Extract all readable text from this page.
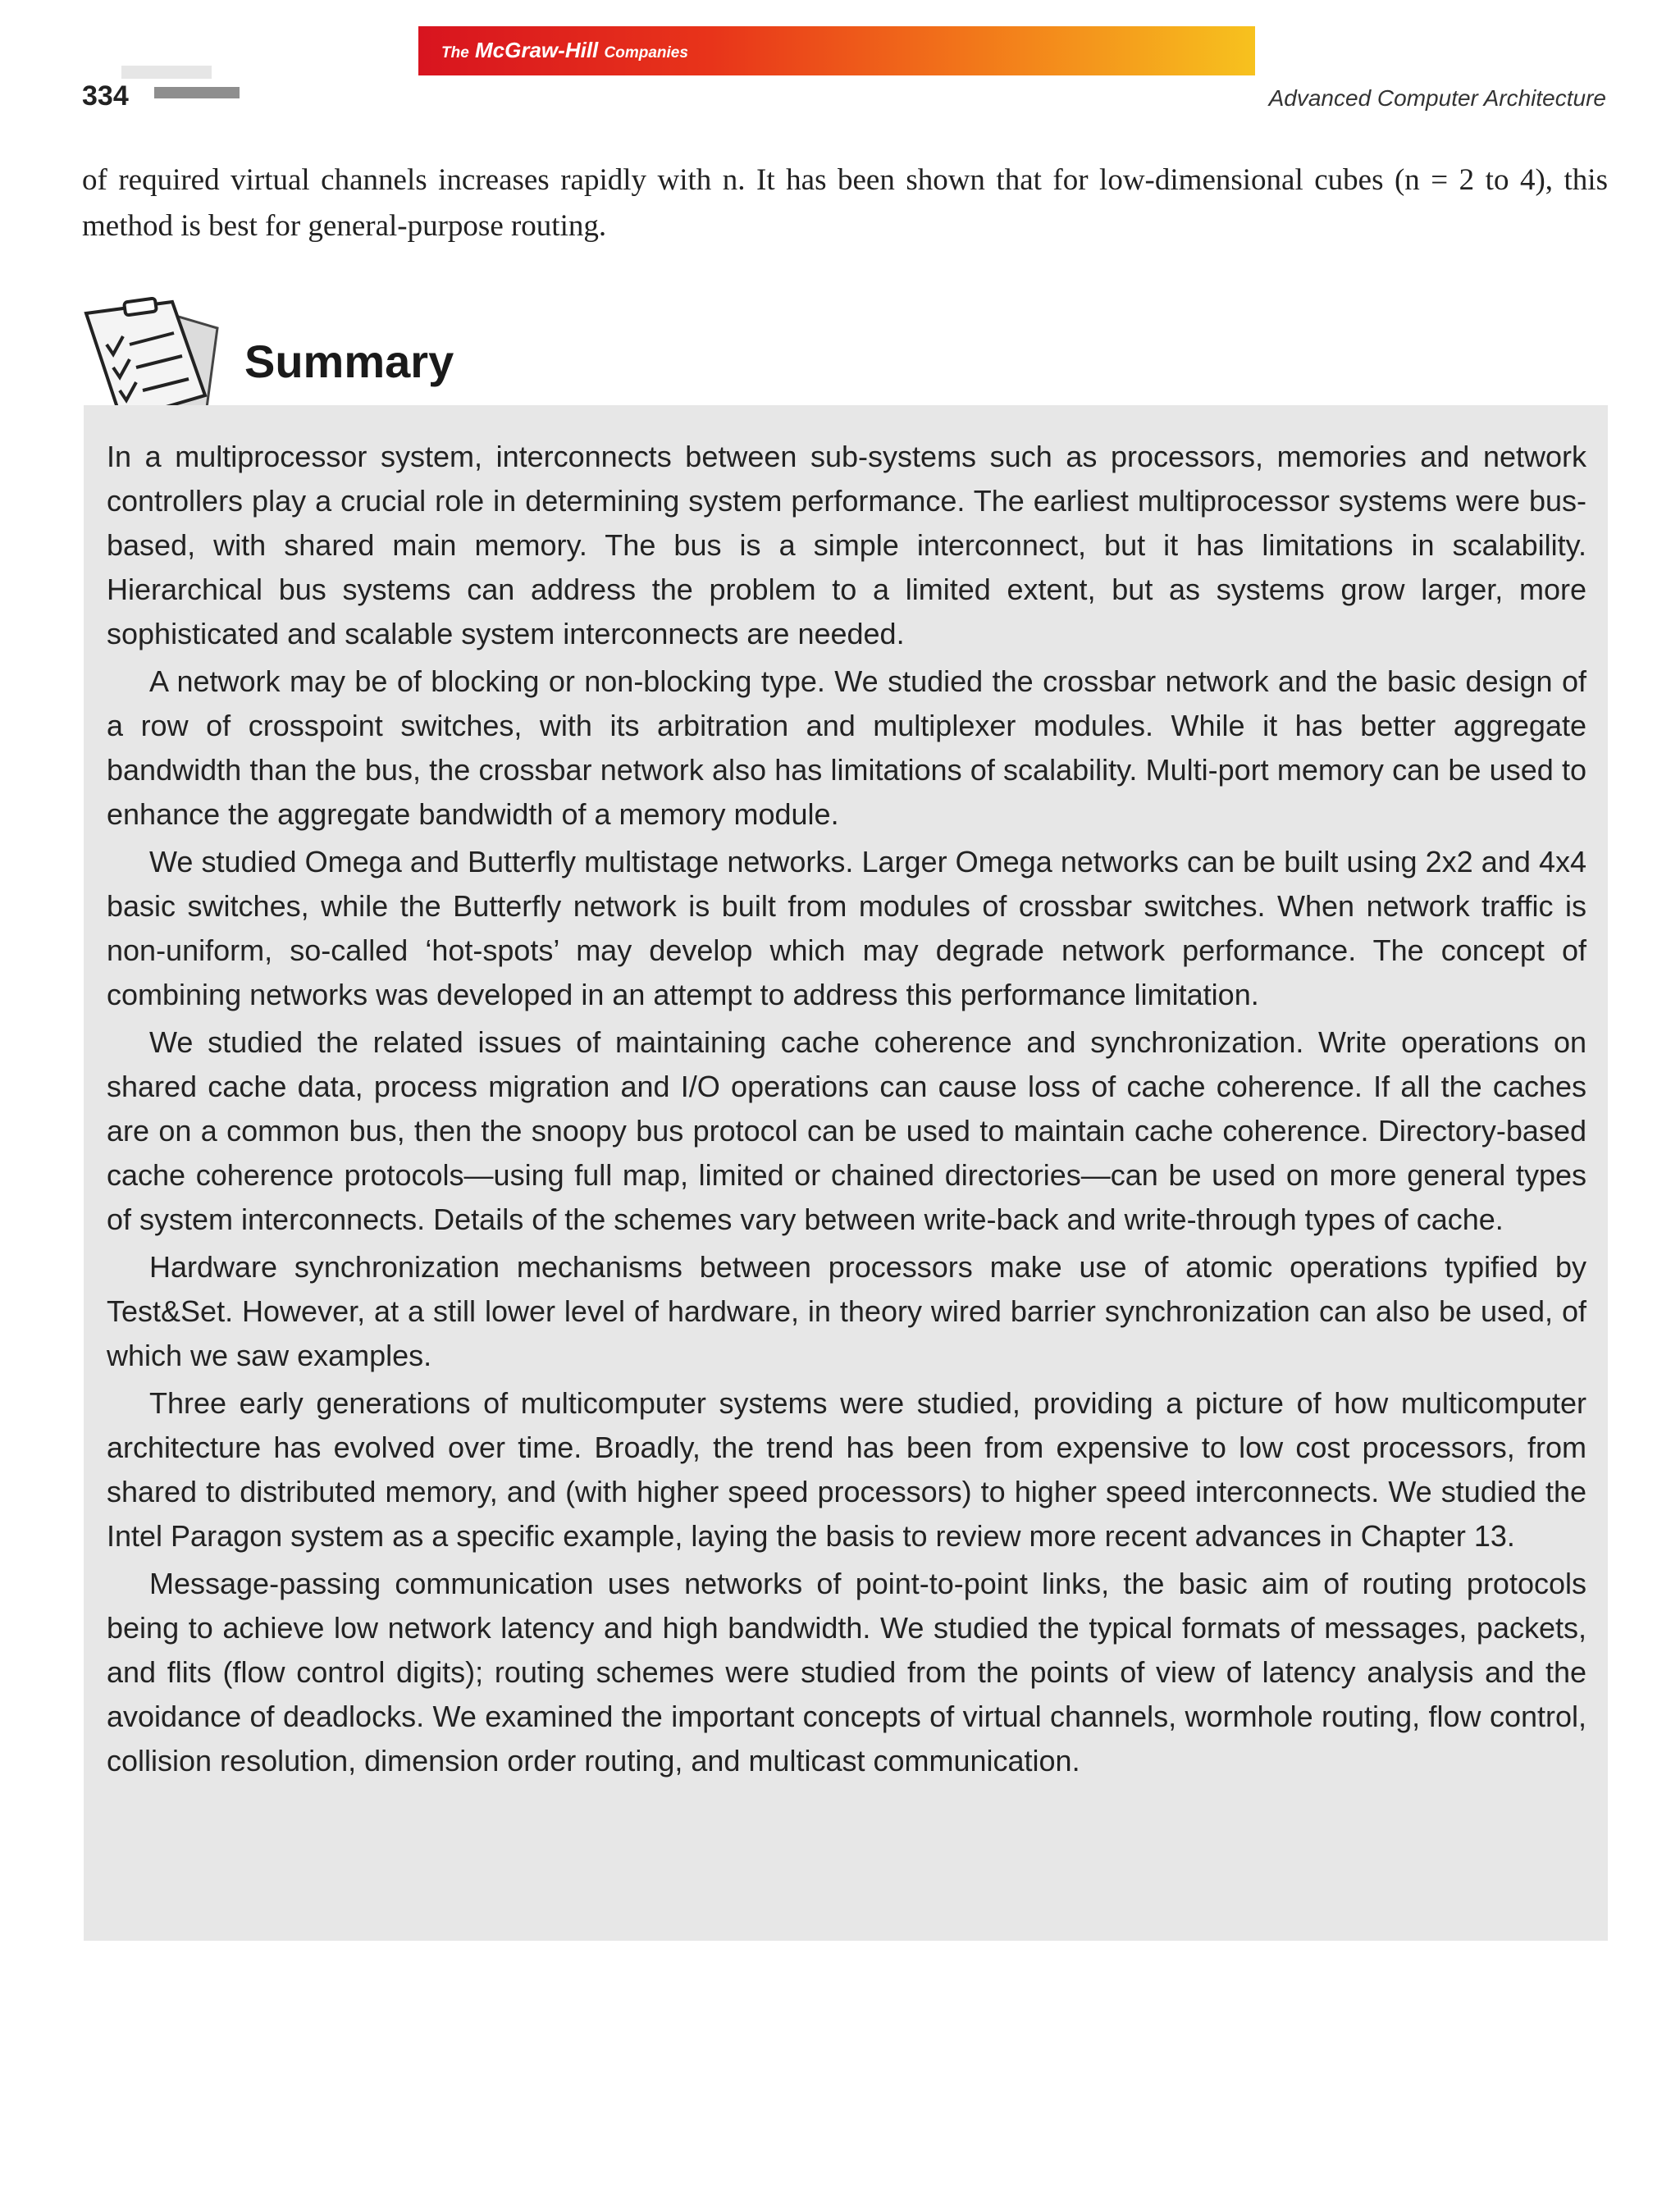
The McGraw-Hill Companies
334	Advanced Computer Architecture
of required virtual channels increases rapidly with n. It has been shown that for low-dimensional cubes (n = 2 to 4), this method is best for general-purpose routing.
Summary

In a multiprocessor system, interconnects between sub-systems such as processors, memories and network controllers play a crucial role in determining system performance. The earliest multiprocessor systems were bus-based, with shared main memory. The bus is a simple interconnect, but it has limitations in scalability. Hierarchical bus systems can address the problem to a limited extent, but as systems grow larger, more sophisticated and scalable system interconnects are needed.

A network may be of blocking or non-blocking type. We studied the crossbar network and the basic design of a row of crosspoint switches, with its arbitration and multiplexer modules. While it has better aggregate bandwidth than the bus, the crossbar network also has limitations of scalability. Multi-port memory can be used to enhance the aggregate bandwidth of a memory module.

We studied Omega and Butterfly multistage networks. Larger Omega networks can be built using 2x2 and 4x4 basic switches, while the Butterfly network is built from modules of crossbar switches. When network traffic is non-uniform, so-called ‘hot-spots’ may develop which may degrade network performance. The concept of combining networks was developed in an attempt to address this performance limitation.

We studied the related issues of maintaining cache coherence and synchronization. Write operations on shared cache data, process migration and I/O operations can cause loss of cache coherence. If all the caches are on a common bus, then the snoopy bus protocol can be used to maintain cache coherence. Directory-based cache coherence protocols—using full map, limited or chained directories—can be used on more general types of system interconnects. Details of the schemes vary between write-back and write-through types of cache.

Hardware synchronization mechanisms between processors make use of atomic operations typified by Test&Set. However, at a still lower level of hardware, in theory wired barrier synchronization can also be used, of which we saw examples.

Three early generations of multicomputer systems were studied, providing a picture of how multicomputer architecture has evolved over time. Broadly, the trend has been from expensive to low cost processors, from shared to distributed memory, and (with higher speed processors) to higher speed interconnects. We studied the Intel Paragon system as a specific example, laying the basis to review more recent advances in Chapter 13.

Message-passing communication uses networks of point-to-point links, the basic aim of routing protocols being to achieve low network latency and high bandwidth. We studied the typical formats of messages, packets, and flits (flow control digits); routing schemes were studied from the points of view of latency analysis and the avoidance of deadlocks. We examined the important concepts of virtual channels, wormhole routing, flow control, collision resolution, dimension order routing, and multicast communication.
